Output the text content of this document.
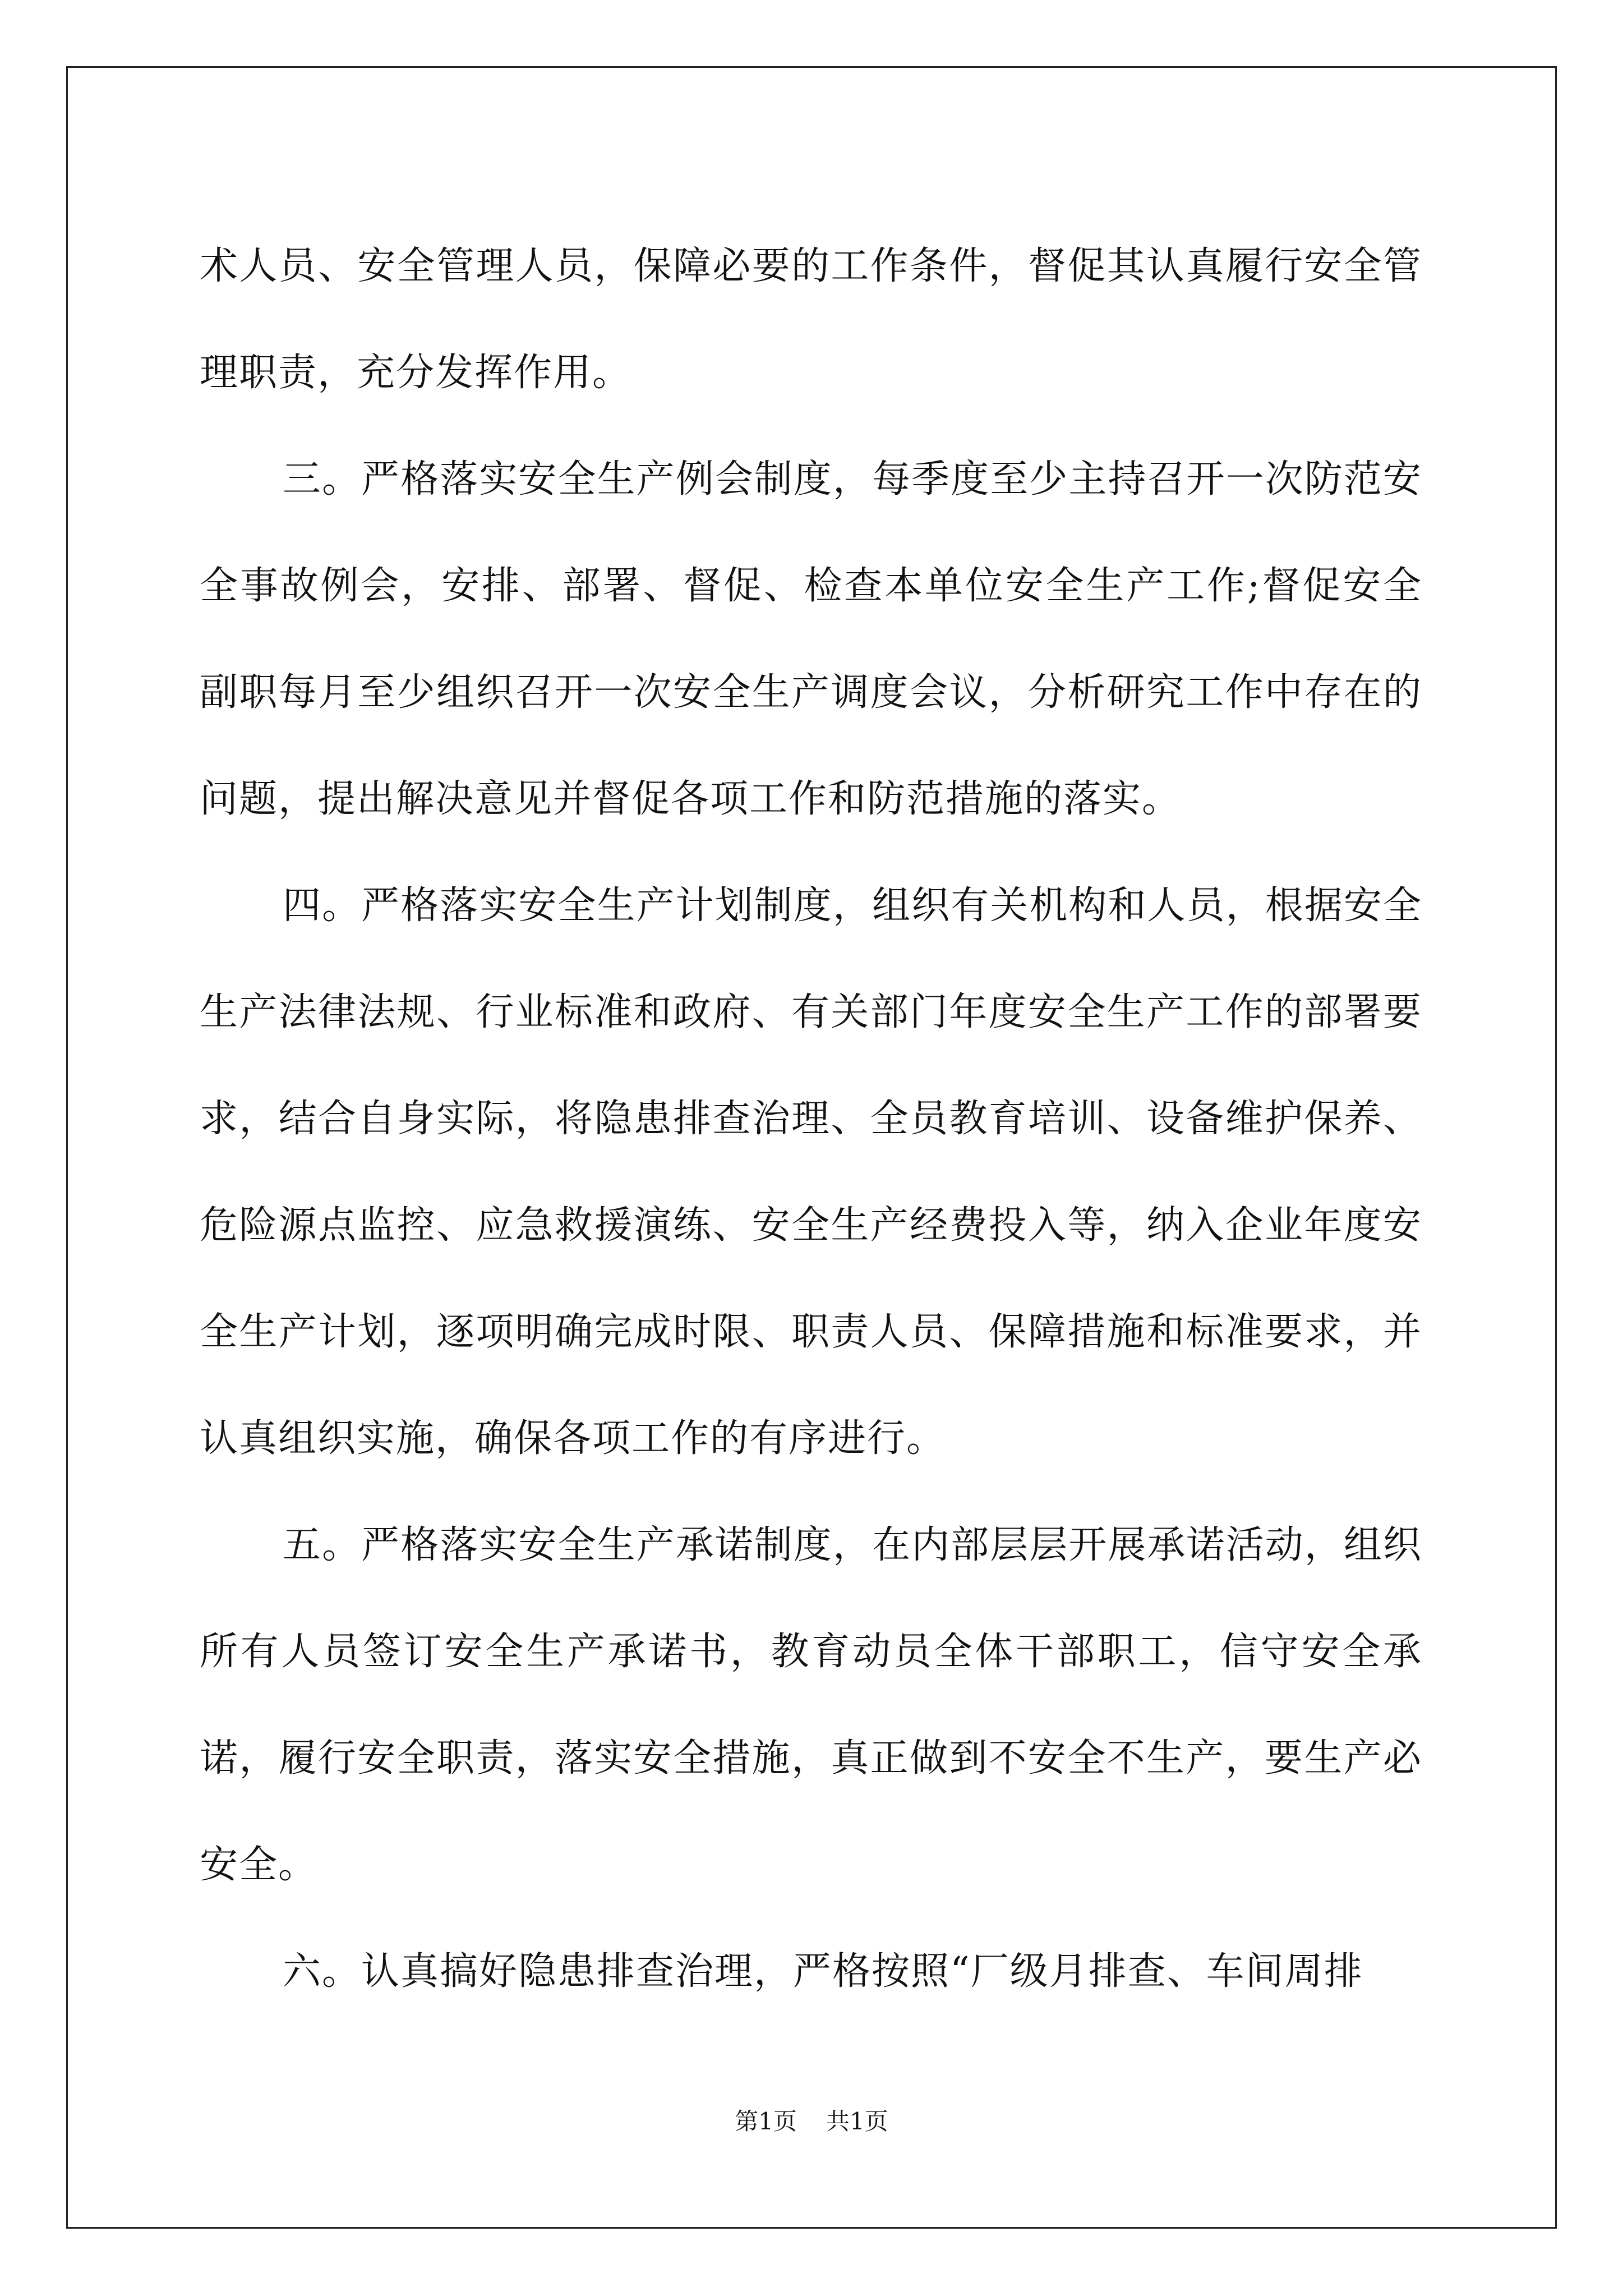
术人员、安全管理人员，保障必要的工作条件，督促其认真履行安全管理职责，充分发挥作用。

三。严格落实安全生产例会制度，每季度至少主持召开一次防范安全事故例会，安排、部署、督促、检查本单位安全生产工作;督促安全副职每月至少组织召开一次安全生产调度会议，分析研究工作中存在的问题，提出解决意见并督促各项工作和防范措施的落实。

四。严格落实安全生产计划制度，组织有关机构和人员，根据安全生产法律法规、行业标准和政府、有关部门年度安全生产工作的部署要求，结合自身实际，将隐患排查治理、全员教育培训、设备维护保养、危险源点监控、应急救援演练、安全生产经费投入等，纳入企业年度安全生产计划，逐项明确完成时限、职责人员、保障措施和标准要求，并认真组织实施，确保各项工作的有序进行。

五。严格落实安全生产承诺制度，在内部层层开展承诺活动，组织所有人员签订安全生产承诺书，教育动员全体干部职工，信守安全承诺，履行安全职责，落实安全措施，真正做到不安全不生产，要生产必安全。

六。认真搞好隐患排查治理，严格按照“厂级月排查、车间周排

第1页 共1页
